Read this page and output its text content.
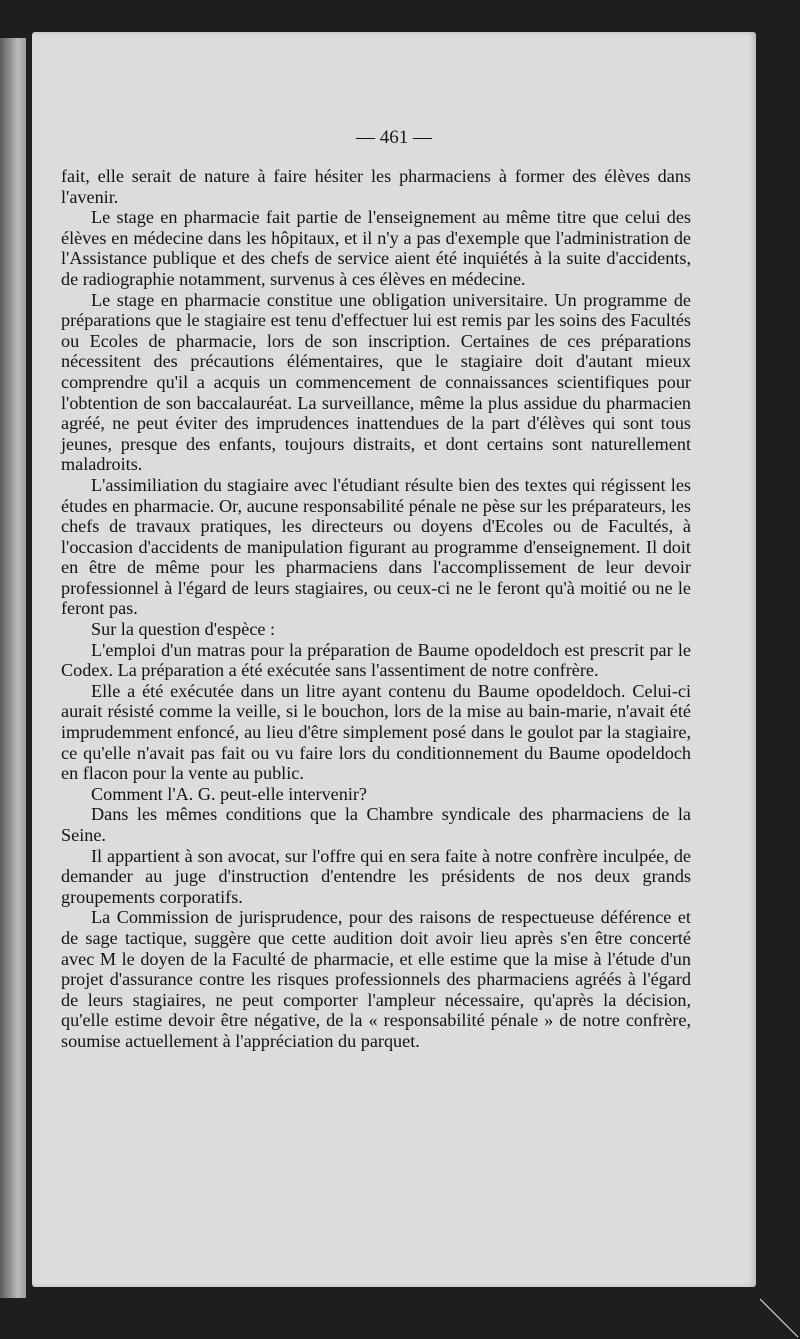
— 461 —

fait, elle serait de nature à faire hésiter les pharmaciens à former des élèves dans l'avenir.

Le stage en pharmacie fait partie de l'enseignement au même titre que celui des élèves en médecine dans les hôpitaux, et il n'y a pas d'exemple que l'administration de l'Assistance publique et des chefs de service aient été inquiétés à la suite d'accidents, de radiographie notamment, survenus à ces élèves en médecine.

Le stage en pharmacie constitue une obligation universitaire. Un programme de préparations que le stagiaire est tenu d'effectuer lui est remis par les soins des Facultés ou Ecoles de pharmacie, lors de son inscription. Certaines de ces préparations nécessitent des précautions élémentaires, que le stagiaire doit d'autant mieux comprendre qu'il a acquis un commencement de connaissances scientifiques pour l'obtention de son baccalauréat. La surveillance, même la plus assidue du pharmacien agréé, ne peut éviter des imprudences inattendues de la part d'élèves qui sont tous jeunes, presque des enfants, toujours distraits, et dont certains sont naturellement maladroits.

L'assimiliation du stagiaire avec l'étudiant résulte bien des textes qui régissent les études en pharmacie. Or, aucune responsabilité pénale ne pèse sur les préparateurs, les chefs de travaux pratiques, les directeurs ou doyens d'Ecoles ou de Facultés, à l'occasion d'accidents de manipulation figurant au programme d'enseignement. Il doit en être de même pour les pharmaciens dans l'accomplissement de leur devoir professionnel à l'égard de leurs stagiaires, ou ceux-ci ne le feront qu'à moitié ou ne le feront pas.

Sur la question d'espèce :

L'emploi d'un matras pour la préparation de Baume opodeldoch est prescrit par le Codex. La préparation a été exécutée sans l'assentiment de notre confrère.

Elle a été exécutée dans un litre ayant contenu du Baume opodeldoch. Celui-ci aurait résisté comme la veille, si le bouchon, lors de la mise au bain-marie, n'avait été imprudemment enfoncé, au lieu d'être simplement posé dans le goulot par la stagiaire, ce qu'elle n'avait pas fait ou vu faire lors du conditionnement du Baume opodeldoch en flacon pour la vente au public.

Comment l'A. G. peut-elle intervenir?

Dans les mêmes conditions que la Chambre syndicale des pharmaciens de la Seine.

Il appartient à son avocat, sur l'offre qui en sera faite à notre confrère inculpée, de demander au juge d'instruction d'entendre les présidents de nos deux grands groupements corporatifs.

La Commission de jurisprudence, pour des raisons de respectueuse déférence et de sage tactique, suggère que cette audition doit avoir lieu après s'en être concerté avec M le doyen de la Faculté de pharmacie, et elle estime que la mise à l'étude d'un projet d'assurance contre les risques professionnels des pharmaciens agréés à l'égard de leurs stagiaires, ne peut comporter l'ampleur nécessaire, qu'après la décision, qu'elle estime devoir être négative, de la « responsabilité pénale » de notre confrère, soumise actuellement à l'appréciation du parquet.
